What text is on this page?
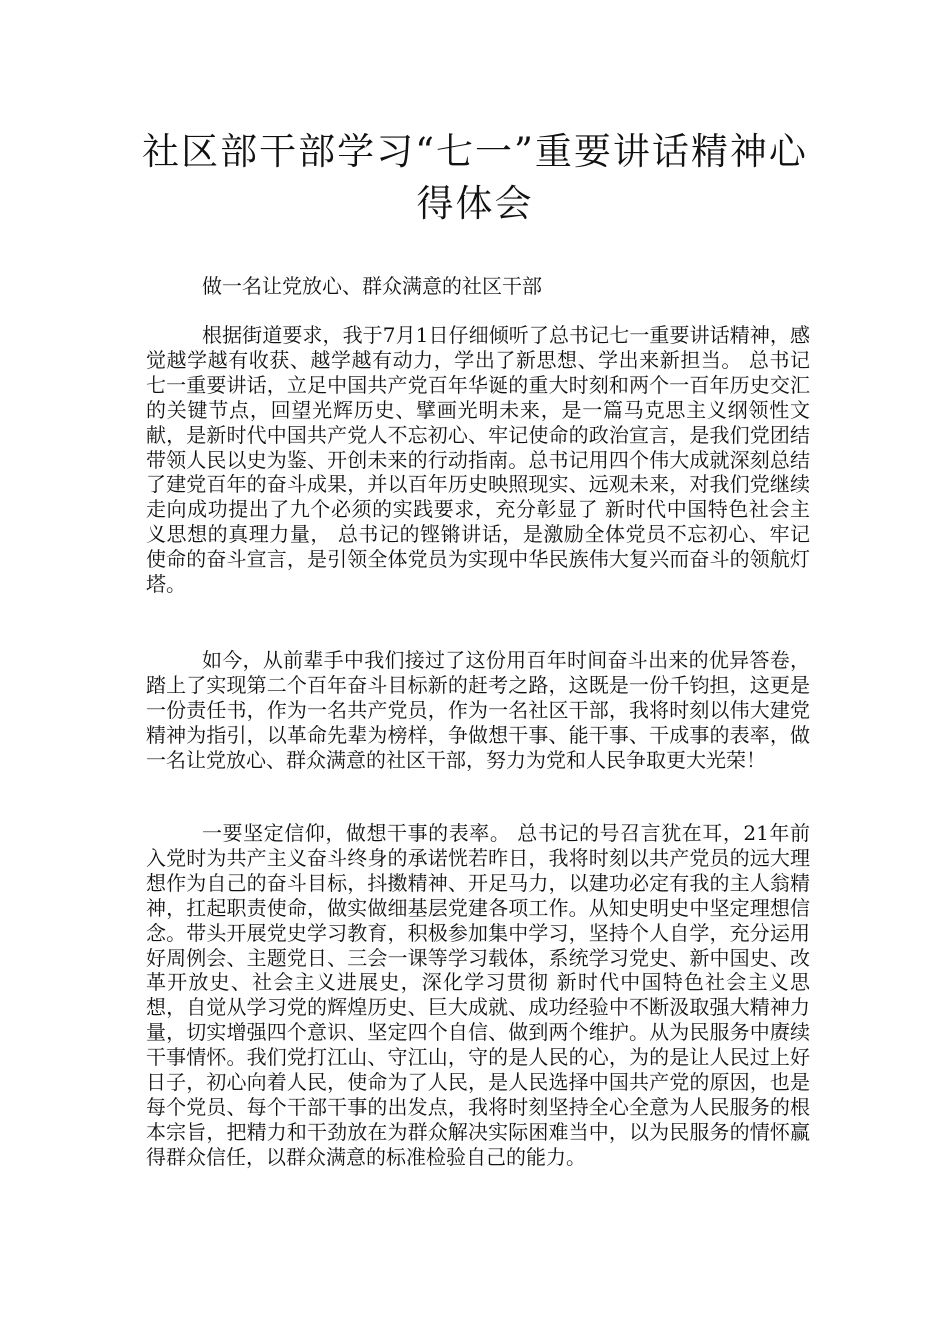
社区部干部学习“七一”重要讲话精神心得体会

做一名让党放心、群众满意的社区干部

根据街道要求，我于7月1日仔细倾听了总书记七一重要讲话精神，感觉越学越有收获、越学越有动力，学出了新思想、学出来新担当。 总书记七一重要讲话，立足中国共产党百年华诞的重大时刻和两个一百年历史交汇的关键节点，回望光辉历史、擘画光明未来，是一篇马克思主义纲领性文献，是新时代中国共产党人不忘初心、牢记使命的政治宣言，是我们党团结带领人民以史为鉴、开创未来的行动指南。总书记用四个伟大成就深刻总结了建党百年的奋斗成果，并以百年历史映照现实、远观未来，对我们党继续走向成功提出了九个必须的实践要求，充分彰显了 新时代中国特色社会主义思想的真理力量， 总书记的铿锵讲话，是激励全体党员不忘初心、牢记使命的奋斗宣言，是引领全体党员为实现中华民族伟大复兴而奋斗的领航灯塔。

如今，从前辈手中我们接过了这份用百年时间奋斗出来的优异答卷，踏上了实现第二个百年奋斗目标新的赶考之路，这既是一份千钧担，这更是一份责任书，作为一名共产党员，作为一名社区干部，我将时刻以伟大建党精神为指引，以革命先辈为榜样，争做想干事、能干事、干成事的表率，做一名让党放心、群众满意的社区干部，努力为党和人民争取更大光荣！

一要坚定信仰，做想干事的表率。 总书记的号召言犹在耳，21年前入党时为共产主义奋斗终身的承诺恍若昨日，我将时刻以共产党员的远大理想作为自己的奋斗目标，抖擞精神、开足马力，以建功必定有我的主人翁精神，扛起职责使命，做实做细基层党建各项工作。从知史明史中坚定理想信念。带头开展党史学习教育，积极参加集中学习，坚持个人自学，充分运用好周例会、主题党日、三会一课等学习载体，系统学习党史、新中国史、改革开放史、社会主义进展史，深化学习贯彻 新时代中国特色社会主义思想，自觉从学习党的辉煌历史、巨大成就、成功经验中不断汲取强大精神力量，切实增强四个意识、坚定四个自信、做到两个维护。从为民服务中赓续干事情怀。我们党打江山、守江山，守的是人民的心，为的是让人民过上好日子，初心向着人民，使命为了人民，是人民选择中国共产党的原因，也是每个党员、每个干部干事的出发点，我将时刻坚持全心全意为人民服务的根本宗旨，把精力和干劲放在为群众解决实际困难当中，以为民服务的情怀赢得群众信任，以群众满意的标准检验自己的能力。
